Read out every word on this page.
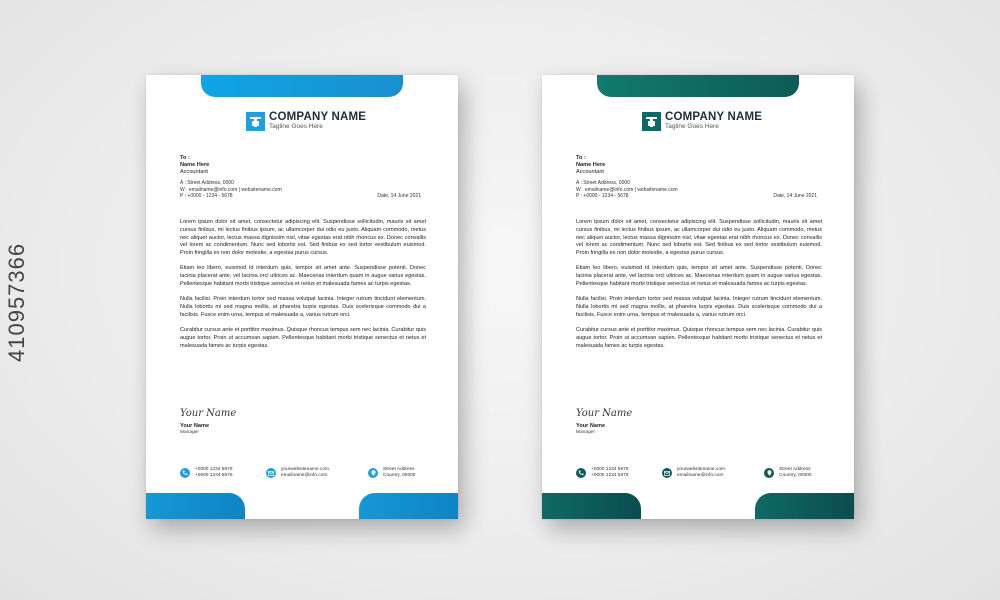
410957366
COMPANY NAME
Tagline Goes Here
To :
Name Here
Accountant
A : Street Address, 0000
W : emailname@info.com | websitename.com
P : +0000 - 1234 - 5678	Date, 14 June 2021

Lorem ipsum dolor sit amet, consectetur adipiscing elit. Suspendisse sollicitudin, mauris sit amet cursus finibus, mi lectus finibus ipsum, ac ullamcorper dui odio eu justo. Aliquam commodo, metus nec aliquet auctor, lectus massa dignissim nisl, vitae egestas erat nibh rhoncus ex. Donec convallis vel lorem ac condimentum. Nunc sed lobortis est. Sed finibus ex sed tortor vestibulum euismod. Proin fringilla ex non dolor molestie, a egestas purus cursus.

Etiam leo libero, euismod id interdum quis, tempor sit amet ante. Suspendisse potenti. Donec lacinia placerat ante, vel lacinia orci ultrices ac. Maecenas interdum quam in augue varius egestas. Pellentesque habitant morbi tristique senectus et netus et malesuada fames ac turpis egestas.

Nulla facilisi. Proin interdum tortor sed massa volutpat lacinia. Integer rutrum tincidunt elementum. Nulla lobortis mi sed magna mollis, at pharetra turpis egestas. Duis scelerisque commodo dui a facilisis. Fusce enim urna, tempus et malesuada a, varius rutrum orci.

Curabitur cursus ante et porttitor maximus. Quisque rhoncus tempus sem nec lacinia. Curabitur quis augue tortor. Proin ut accumsan sapien. Pellentesque habitant morbi tristique senectus et netus et malesuada fames ac turpis egestas.

Your Name
Your Name
Manager
+0000 1234 5678
+0000 1234 5678
yourwebsitename.com
emailname@info.com
Street Address
Country, 00000
COMPANY NAME
Tagline Goes Here
To :
Name Here
Accountant
A : Street Address, 0000
W : emailname@info.com | websitename.com
P : +0000 - 1234 - 5678	Date, 14 June 2021

Lorem ipsum dolor sit amet, consectetur adipiscing elit. Suspendisse sollicitudin, mauris sit amet cursus finibus, mi lectus finibus ipsum, ac ullamcorper dui odio eu justo. Aliquam commodo, metus nec aliquet auctor, lectus massa dignissim nisl, vitae egestas erat nibh rhoncus ex. Donec convallis vel lorem ac condimentum. Nunc sed lobortis est. Sed finibus ex sed tortor vestibulum euismod. Proin fringilla ex non dolor molestie, a egestas purus cursus.

Etiam leo libero, euismod id interdum quis, tempor sit amet ante. Suspendisse potenti. Donec lacinia placerat ante, vel lacinia orci ultrices ac. Maecenas interdum quam in augue varius egestas. Pellentesque habitant morbi tristique senectus et netus et malesuada fames ac turpis egestas.

Nulla facilisi. Proin interdum tortor sed massa volutpat lacinia. Integer rutrum tincidunt elementum. Nulla lobortis mi sed magna mollis, at pharetra turpis egestas. Duis scelerisque commodo dui a facilisis. Fusce enim urna, tempus et malesuada a, varius rutrum orci.

Curabitur cursus ante et porttitor maximus. Quisque rhoncus tempus sem nec lacinia. Curabitur quis augue tortor. Proin ut accumsan sapien. Pellentesque habitant morbi tristique senectus et netus et malesuada fames ac turpis egestas.

Your Name
Your Name
Manager
+0000 1234 5678
+0000 1234 5678
yourwebsitename.com
emailname@info.com
Street Address
Country, 00000
